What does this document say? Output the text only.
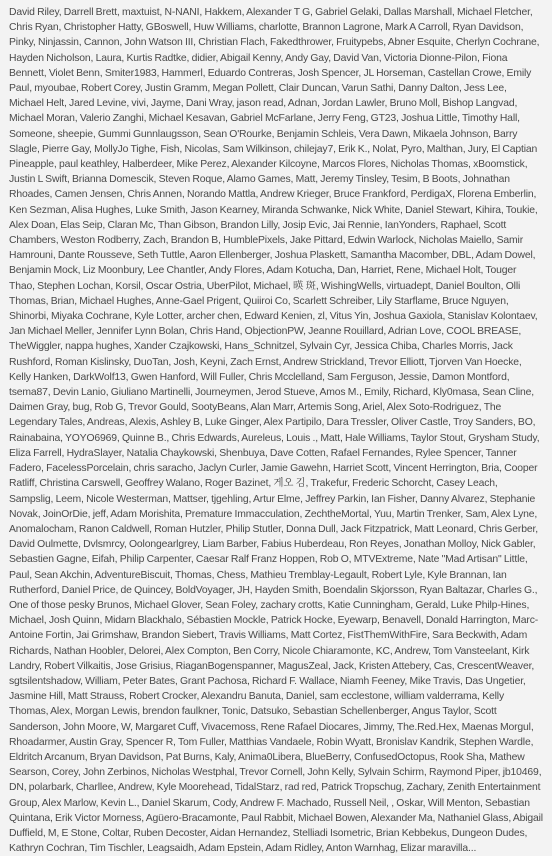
David Riley, Darrell Brett, maxtuist, N-NANI, Hakkem, Alexander T G, Gabriel Gelaki, Dallas Marshall, Michael Fletcher, Chris Ryan, Christopher Hatty, GBoswell, Huw Williams, charlotte, Brannon Lagrone, Mark A Carroll, Ryan Davidson, Pinky, Ninjassin, Cannon, John Watson III, Christian Flach, Fakedthrower, Fruitypebs, Abner Esquite, Cherlyn Cochrane, Hayden Nicholson, Laura, Kurtis Radtke, didier, Abigail Kenny, Andy Gay, David Van, Victoria Dionne-Pilon, Fiona Bennett, Violet Benn, Smiter1983, Hammerl, Eduardo Contreras, Josh Spencer, JL Horseman, Castellan Crowe, Emily Paul, myoubae, Robert Corey, Justin Gramm, Megan Pollett, Clair Duncan, Varun Sathi, Danny Dalton, Jess Lee, Michael Helt, Jared Levine, vivi, Jayme, Dani Wray, jason read, Adnan, Jordan Lawler, Bruno Moll, Bishop Langvad, Michael Moran, Valerio Zanghi, Michael Kesavan, Gabriel McFarlane, Jerry Feng, GT23, Joshua Little, Timothy Hall, Someone, sheepie, Gummi Gunnlaugsson, Sean O'Rourke, Benjamin Schleis, Vera Dawn, Mikaela Johnson, Barry Slagle, Pierre Gay, MollyJo Tighe, Fish, Nicolas, Sam Wilkinson, chilejay7, Erik K., Nolat, Pyro, Malthan, Jury, El Captian Pineapple, paul keathley, Halberdeer, Mike Perez, Alexander Kilcoyne, Marcos Flores, Nicholas Thomas, xBoomstick, Justin L Swift, Brianna Domescik, Steven Roque, Alamo Games, Matt, Jeremy Tinsley, Tesim, B Boots, Johnathan Rhoades, Camen Jensen, Chris Annen, Norando Mattla, Andrew Krieger, Bruce Frankford, PerdigaX, Florena Emberlin, Ken Sezman, Alisa Hughes, Luke Smith, Jason Kearney, Miranda Schwanke, Nick White, Daniel Stewart, Kihira, Toukie, Alex Doan, Elas Seip, Claran Mc, Than Gibson, Brandon Lilly, Josip Evic, Jai Rennie, IanYonders, Raphael, Scott Chambers, Weston Rodberry, Zach, Brandon B, HumblePixels, Jake Pittard, Edwin Warlock, Nicholas Maiello, Samir Hamrouni, Dante Rousseve, Seth Tuttle, Aaron Ellenberger, Joshua Plaskett, Samantha Macomber, DBL, Adam Dowel, Benjamin Mock, Liz Moonbury, Lee Chantler, Andy Flores, Adam Kotucha, Dan, Harriet, Rene, Michael Holt, Touger Thao, Stephen Lochan, Korsil, Oscar Ostria, UberPilot, Michael, 暎 斑, WishingWells, virtuadept, Daniel Boulton, Olli Thomas, Brian, Michael Hughes, Anne-Gael Prigent, Quiiroi Co, Scarlett Schreiber, Lily Starflame, Bruce Nguyen, Shinorbi, Miyaka Cochrane, Kyle Lotter, archer chen, Edward Kenien, zl, Vitus Yin, Joshua Gaxiola, Stanislav Kolontaev, Jan Michael Meller, Jennifer Lynn Bolan, Chris Hand, ObjectionPW, Jeanne Rouillard, Adrian Love, COOL BREASE, TheWiggler, nappa hughes, Xander Czajkowski, Hans_Schnitzel, Sylvain Cyr, Jessica Chiba, Charles Morris, Jack Rushford, Roman Kislinsky, DuoTan, Josh, Keyni, Zach Ernst, Andrew Strickland, Trevor Elliott, Tjorven Van Hoecke, Kelly Hanken, DarkWolf13, Gwen Hanford, Will Fuller, Chris Mcclelland, Sam Ferguson, Jessie, Damon Montford, tsema87, Devin Lanio, Giuliano Martinelli, Journeymen, Jerod Stueve, Amos M., Emily, Richard, Kly0masa, Sean Cline, Daimen Gray, bug, Rob G, Trevor Gould, SootyBeans, Alan Marr, Artemis Song, Ariel, Alex Soto-Rodriguez, The Legendary Tales, Andreas, Alexis, Ashley B, Luke Ginger, Alex Partipilo, Dara Tressler, Oliver Castle, Troy Sanders, BO, Rainabaina, YOYO6969, Quinne B., Chris Edwards, Aureleus, Louis ., Matt, Hale Williams, Taylor Stout, Grysham Study, Eliza Farrell, HydraSlayer, Natalia Chaykowski, Shenbuya, Dave Cotten, Rafael Fernandes, Rylee Spencer, Tanner Fadero, FacelessPorcelain, chris saracho, Jaclyn Curler, Jamie Gawehn, Harriet Scott, Vincent Herrington, Bria, Cooper Ratliff, Christina Carswell, Geoffrey Walano, Roger Bazinet, 게오 김, Trakefur, Frederic Schorcht, Casey Leach, Sampslig, Leem, Nicole Westerman, Mattser, tjgehling, Artur Elme, Jeffrey Parkin, Ian Fisher, Danny Alvarez, Stephanie Novak, JoinOrDie, jeff, Adam Morishita, Premature Immacculation, ZechtheMortal, Yuu, Martin Trenker, Sam, Alex Lyne, Anomalocham, Ranon Caldwell, Roman Hutzler, Philip Stutler, Donna Dull, Jack Fitzpatrick, Matt Leonard, Chris Gerber, David Oulmette, Dvlsmrcy, Oolongearlgrey, Liam Barber, Fabius Huberdeau, Ron Reyes, Jonathan Molloy, Nick Gabler, Sebastien Gagne, Eifah, Philip Carpenter, Caesar Ralf Franz Hoppen, Rob O, MTVExtreme, Nate "Mad Artisan" Little, Paul, Sean Akchin, AdventureBiscuit, Thomas, Chess, Mathieu Tremblay-Legault, Robert Lyle, Kyle Brannan, Ian Rutherford, Daniel Price, de Quincey, BoldVoyager, JH, Hayden Smith, Boendalin Skjorsson, Ryan Baltazar, Charles G., One of those pesky Brunos, Michael Glover, Sean Foley, zachary crotts, Katie Cunningham, Gerald, Luke Philp-Hines, Michael, Josh Quinn, Midarn Blackhalo, Sébastien Mockle, Patrick Hocke, Eyewarp, Benavell, Donald Harrington, Marc-Antoine Fortin, Jai Grimshaw, Brandon Siebert, Travis Williams, Matt Cortez, FistThemWithFire, Sara Beckwith, Adam Richards, Nathan Hoobler, Delorei, Alex Compton, Ben Corry, Nicole Chiaramonte, KC, Andrew, Tom Vansteelant, Kirk Landry, Robert Vilkaitis, Jose Grisius, RiaganBogenspanner, MagusZeal, Jack, Kristen Attebery, Cas, CrescentWeaver, sgtsilentshadow, William, Peter Bates, Grant Pachosa, Richard F. Wallace, Niamh Feeney, Mike Travis, Das Ungetier, Jasmine Hill, Matt Strauss, Robert Crocker, Alexandru Banuta, Daniel, sam ecclestone, william valderrama, Kelly Thomas, Alex, Morgan Lewis, brendon faulkner, Tonic, Datsuko, Sebastian Schellenberger, Angus Taylor, Scott Sanderson, John Moore, W, Margaret Cuff, Vivacemoss, Rene Rafael Diocares, Jimmy, The.Red.Hex, Maenas Morgul, Rhoadarmer, Austin Gray, Spencer R, Tom Fuller, Matthias Vandaele, Robin Wyatt, Bronislav Kandrik, Stephen Wardle, Eldritch Arcanum, Bryan Davidson, Pat Burns, Kaly, Anima0Libera, BlueBerry, ConfusedOctopus, Rook Sha, Mathew Searson, Corey, John Zerbinos, Nicholas Westphal, Trevor Cornell, John Kelly, Sylvain Schirm, Raymond Piper, jb10469, DN, polarbark, Charllee, Andrew, Kyle Moorehead, TidalStarz, rad red, Patrick Tropschug, Zachary, Zenith Entertainment Group, Alex Marlow, Kevin L., Daniel Skarum, Cody, Andrew F. Machado, Russell Neil, , Oskar, Will Menton, Sebastian Quintana, Erik Victor Morness, Agüero-Bracamonte, Paul Rabbit, Michael Bowen, Alexander Ma, Nathaniel Glass, Abigail Duffield, M, E Stone, Coltar, Ruben Decoster, Aidan Hernandez, Stelliadi Isometric, Brian Kebbekus, Dungeon Dudes, Kathryn Cochran, Tim Tischler, Leagsaidh, Adam Epstein, Adam Ridley, Anton Warnhag, Elizar maravilla...
